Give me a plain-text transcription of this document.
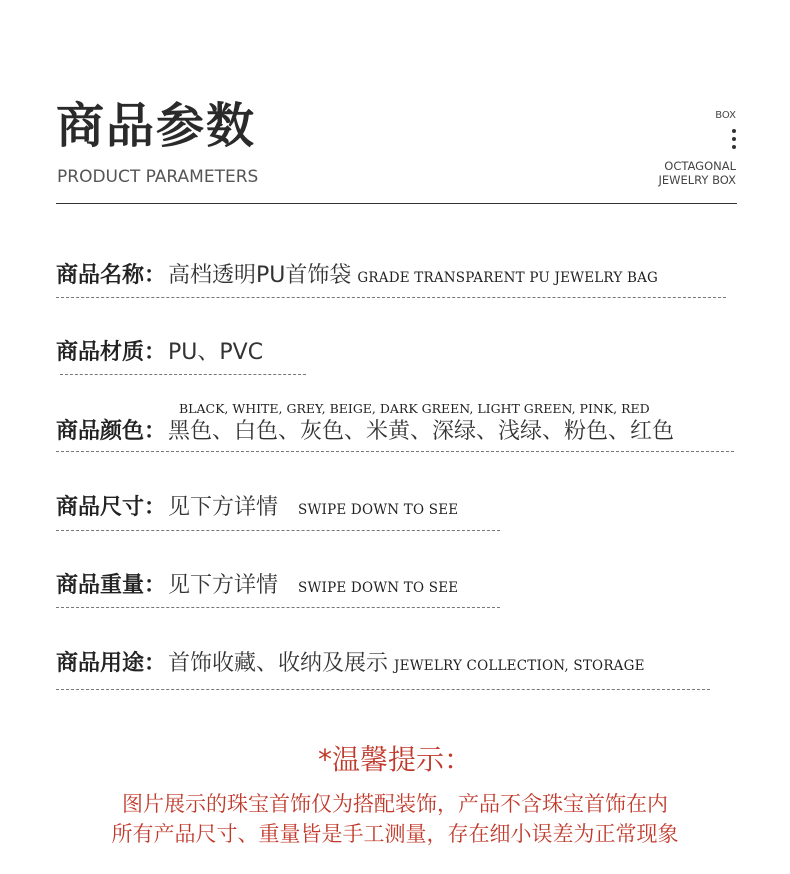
商品参数
PRODUCT PARAMETERS
BOX
OCTAGONAL
JEWELRY BOX
商品名称： 高档透明PU首饰袋 GRADE TRANSPARENT PU JEWELRY BAG
商品材质： PU、PVC
BLACK, WHITE, GREY, BEIGE, DARK GREEN, LIGHT GREEN, PINK, RED
商品颜色： 黑色、白色、灰色、米黄、深绿、浅绿、粉色、红色
商品尺寸： 见下方详情 SWIPE DOWN TO SEE
商品重量： 见下方详情 SWIPE DOWN TO SEE
商品用途： 首饰收藏、收纳及展示 JEWELRY COLLECTION, STORAGE
*温馨提示：
图片展示的珠宝首饰仅为搭配装饰，产品不含珠宝首饰在内
所有产品尺寸、重量皆是手工测量，存在细小误差为正常现象
